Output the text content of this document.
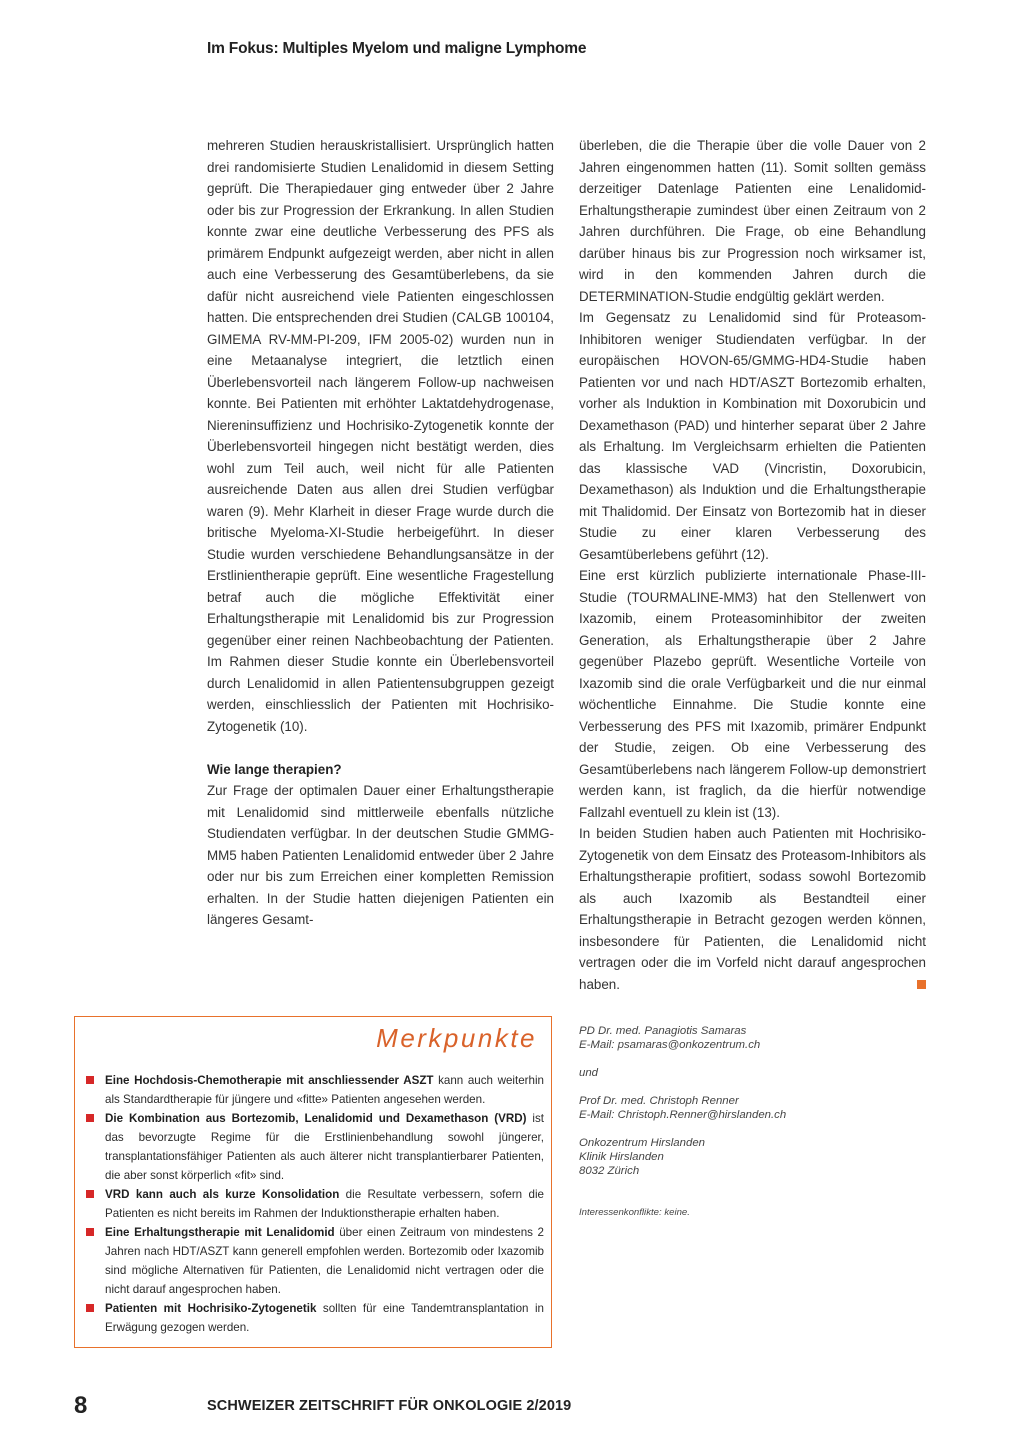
Im Fokus: Multiples Myelom und maligne Lymphome

mehreren Studien herauskristallisiert. Ursprünglich hatten drei randomisierte Studien Lenalidomid in diesem Setting geprüft. Die Therapiedauer ging entweder über 2 Jahre oder bis zur Progression der Erkrankung. In allen Studien konnte zwar eine deutliche Verbesserung des PFS als primärem Endpunkt aufgezeigt werden, aber nicht in allen auch eine Verbesserung des Gesamtüberlebens, da sie dafür nicht ausreichend viele Patienten eingeschlossen hatten. Die entsprechenden drei Studien (CALGB 100104, GIMEMA RV-MM-PI-209, IFM 2005-02) wurden nun in eine Metaanalyse integriert, die letztlich einen Überlebensvorteil nach längerem Follow-up nachweisen konnte. Bei Patienten mit erhöhter Laktatdehydrogenase, Niereninsuffizienz und Hochrisiko-Zytogenetik konnte der Überlebensvorteil hingegen nicht bestätigt werden, dies wohl zum Teil auch, weil nicht für alle Patienten ausreichende Daten aus allen drei Studien verfügbar waren (9). Mehr Klarheit in dieser Frage wurde durch die britische Myeloma-XI-Studie herbeigeführt. In dieser Studie wurden verschiedene Behandlungsansätze in der Erstlinientherapie geprüft. Eine wesentliche Fragestellung betraf auch die mögliche Effektivität einer Erhaltungstherapie mit Lenalidomid bis zur Progression gegenüber einer reinen Nachbeobachtung der Patienten. Im Rahmen dieser Studie konnte ein Überlebensvorteil durch Lenalidomid in allen Patientensubgruppen gezeigt werden, einschliesslich der Patienten mit Hochrisiko-Zytogenetik (10).

Wie lange therapien?

Zur Frage der optimalen Dauer einer Erhaltungstherapie mit Lenalidomid sind mittlerweile ebenfalls nützliche Studiendaten verfügbar. In der deutschen Studie GMMG-MM5 haben Patienten Lenalidomid entweder über 2 Jahre oder nur bis zum Erreichen einer kompletten Remission erhalten. In der Studie hatten diejenigen Patienten ein längeres Gesamt-

überleben, die die Therapie über die volle Dauer von 2 Jahren eingenommen hatten (11). Somit sollten gemäss derzeitiger Datenlage Patienten eine Lenalidomid-Erhaltungstherapie zumindest über einen Zeitraum von 2 Jahren durchführen. Die Frage, ob eine Behandlung darüber hinaus bis zur Progression noch wirksamer ist, wird in den kommenden Jahren durch die DETERMINATION-Studie endgültig geklärt werden.

Im Gegensatz zu Lenalidomid sind für Proteasom-Inhibitoren weniger Studiendaten verfügbar. In der europäischen HOVON-65/GMMG-HD4-Studie haben Patienten vor und nach HDT/ASZT Bortezomib erhalten, vorher als Induktion in Kombination mit Doxorubicin und Dexamethason (PAD) und hinterher separat über 2 Jahre als Erhaltung. Im Vergleichsarm erhielten die Patienten das klassische VAD (Vincristin, Doxorubicin, Dexamethason) als Induktion und die Erhaltungstherapie mit Thalidomid. Der Einsatz von Bortezomib hat in dieser Studie zu einer klaren Verbesserung des Gesamtüberlebens geführt (12).

Eine erst kürzlich publizierte internationale Phase-III-Studie (TOURMALINE-MM3) hat den Stellenwert von Ixazomib, einem Proteasominhibitor der zweiten Generation, als Erhaltungstherapie über 2 Jahre gegenüber Plazebo geprüft. Wesentliche Vorteile von Ixazomib sind die orale Verfügbarkeit und die nur einmal wöchentliche Einnahme. Die Studie konnte eine Verbesserung des PFS mit Ixazomib, primärer Endpunkt der Studie, zeigen. Ob eine Verbesserung des Gesamtüberlebens nach längerem Follow-up demonstriert werden kann, ist fraglich, da die hierfür notwendige Fallzahl eventuell zu klein ist (13).

In beiden Studien haben auch Patienten mit Hochrisiko-Zytogenetik von dem Einsatz des Proteasom-Inhibitors als Erhaltungstherapie profitiert, sodass sowohl Bortezomib als auch Ixazomib als Bestandteil einer Erhaltungstherapie in Betracht gezogen werden können, insbesondere für Patienten, die Lenalidomid nicht vertragen oder die im Vorfeld nicht darauf angesprochen haben.

Merkpunkte
Eine Hochdosis-Chemotherapie mit anschliessender ASZT kann auch weiterhin als Standardtherapie für jüngere und «fitte» Patienten angesehen werden.
Die Kombination aus Bortezomib, Lenalidomid und Dexamethason (VRD) ist das bevorzugte Regime für die Erstlinienbehandlung sowohl jüngerer, transplantationsfähiger Patienten als auch älterer nicht transplantierbarer Patienten, die aber sonst körperlich «fit» sind.
VRD kann auch als kurze Konsolidation die Resultate verbessern, sofern die Patienten es nicht bereits im Rahmen der Induktionstherapie erhalten haben.
Eine Erhaltungstherapie mit Lenalidomid über einen Zeitraum von mindestens 2 Jahren nach HDT/ASZT kann generell empfohlen werden. Bortezomib oder Ixazomib sind mögliche Alternativen für Patienten, die Lenalidomid nicht vertragen oder die nicht darauf angesprochen haben.
Patienten mit Hochrisiko-Zytogenetik sollten für eine Tandemtransplantation in Erwägung gezogen werden.
PD Dr. med. Panagiotis Samaras
E-Mail: psamaras@onkozentrum.ch
und
Prof Dr. med. Christoph Renner
E-Mail: Christoph.Renner@hirslanden.ch
Onkozentrum Hirslanden
Klinik Hirslanden
8032 Zürich
Interessenkonflikte: keine.
8	SCHWEIZER ZEITSCHRIFT FÜR ONKOLOGIE 2/2019
